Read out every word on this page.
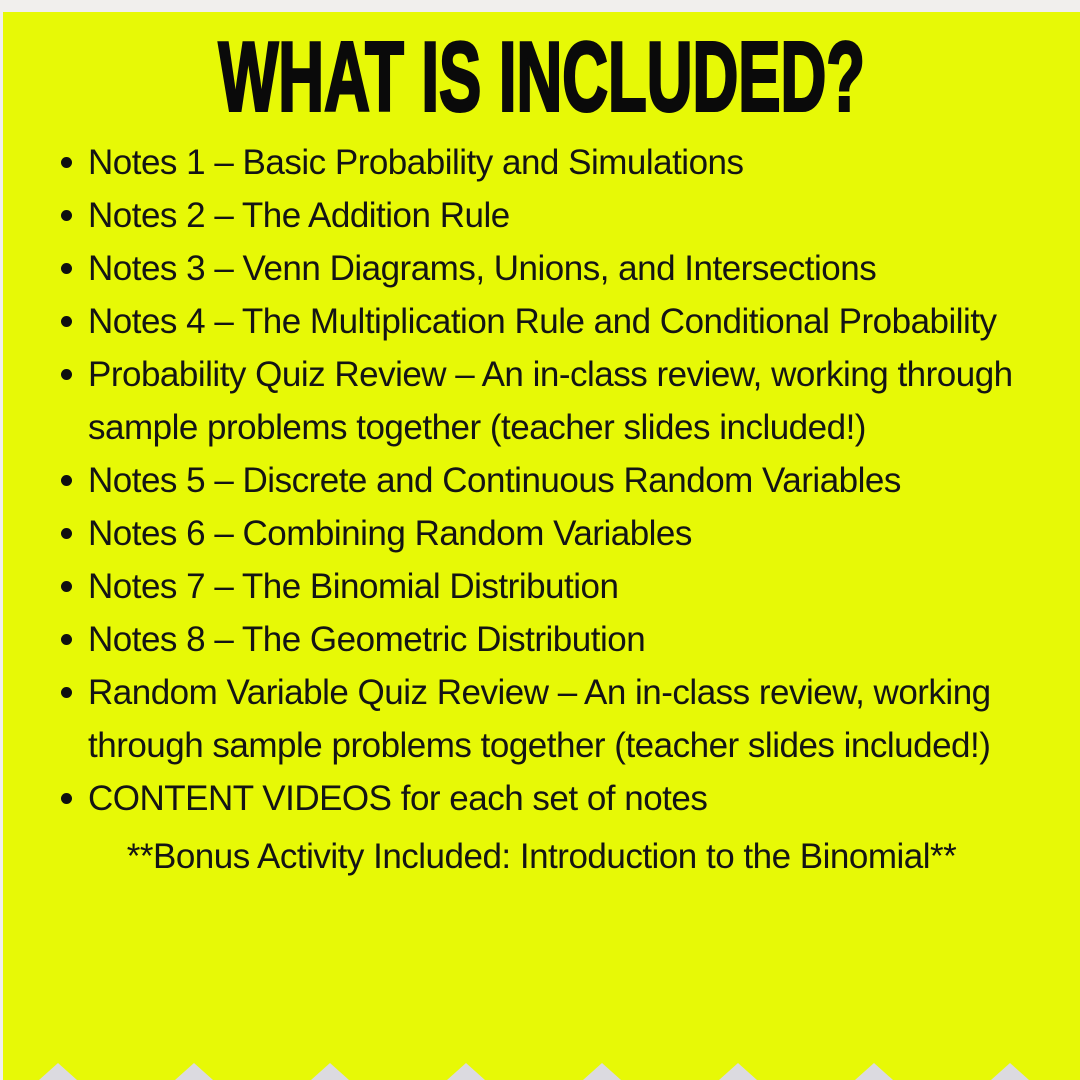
WHAT IS INCLUDED?
Notes 1 – Basic Probability and Simulations
Notes 2 – The Addition Rule
Notes 3 – Venn Diagrams, Unions, and Intersections
Notes 4 – The Multiplication Rule and Conditional Probability
Probability Quiz Review – An in-class review, working through sample problems together (teacher slides included!)
Notes 5 – Discrete and Continuous Random Variables
Notes 6 – Combining Random Variables
Notes 7 – The Binomial Distribution
Notes 8 – The Geometric Distribution
Random Variable Quiz Review – An in-class review, working through sample problems together (teacher slides included!)
CONTENT VIDEOS for each set of notes
**Bonus Activity Included: Introduction to the Binomial**
